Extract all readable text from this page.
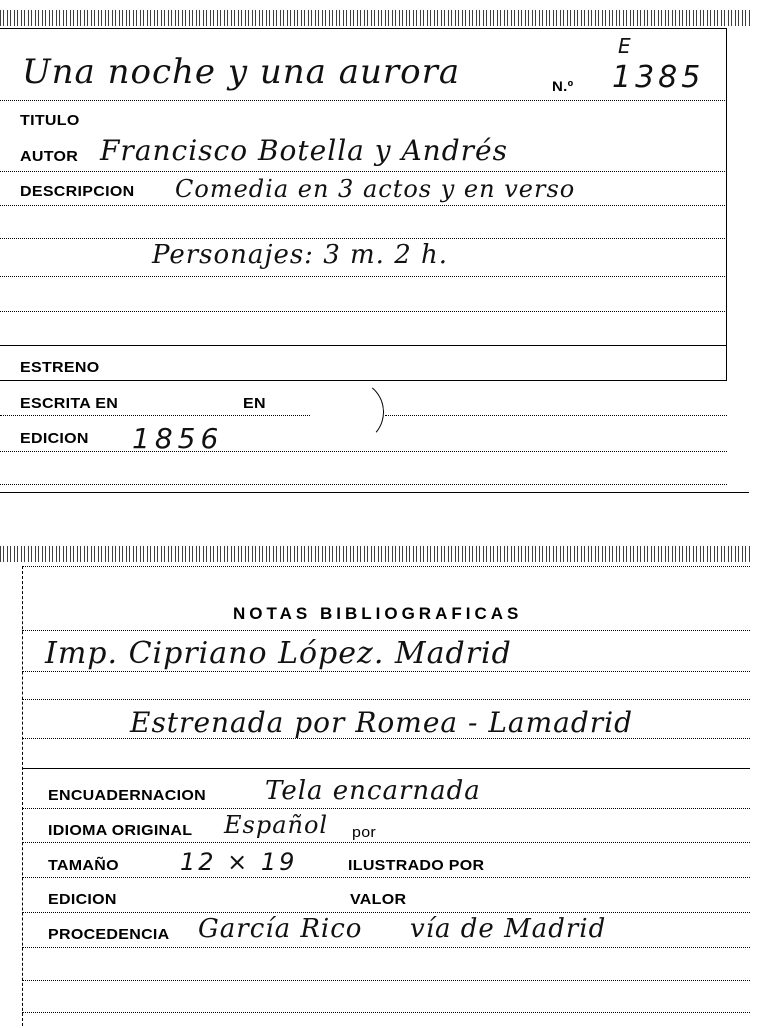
Una noche y una aurora	N.º 1385
E
TITULO
AUTOR Francisco Botella y Andrés
DESCRIPCION Comedia en 3 actos y en verso
Personajes: 3 m. 2 h.
ESTRENO
ESCRITA EN	EN
EDICION 1856
NOTAS BIBLIOGRAFICAS
Imp. Cipriano López. Madrid
Estrenada por Romea - Lamadrid
ENCUADERNACION Tela encarnada
IDIOMA ORIGINAL Español por
TAMAÑO	12 × 19	ILUSTRADO POR
EDICION	VALOR
PROCEDENCIA García Rico vía de Madrid
